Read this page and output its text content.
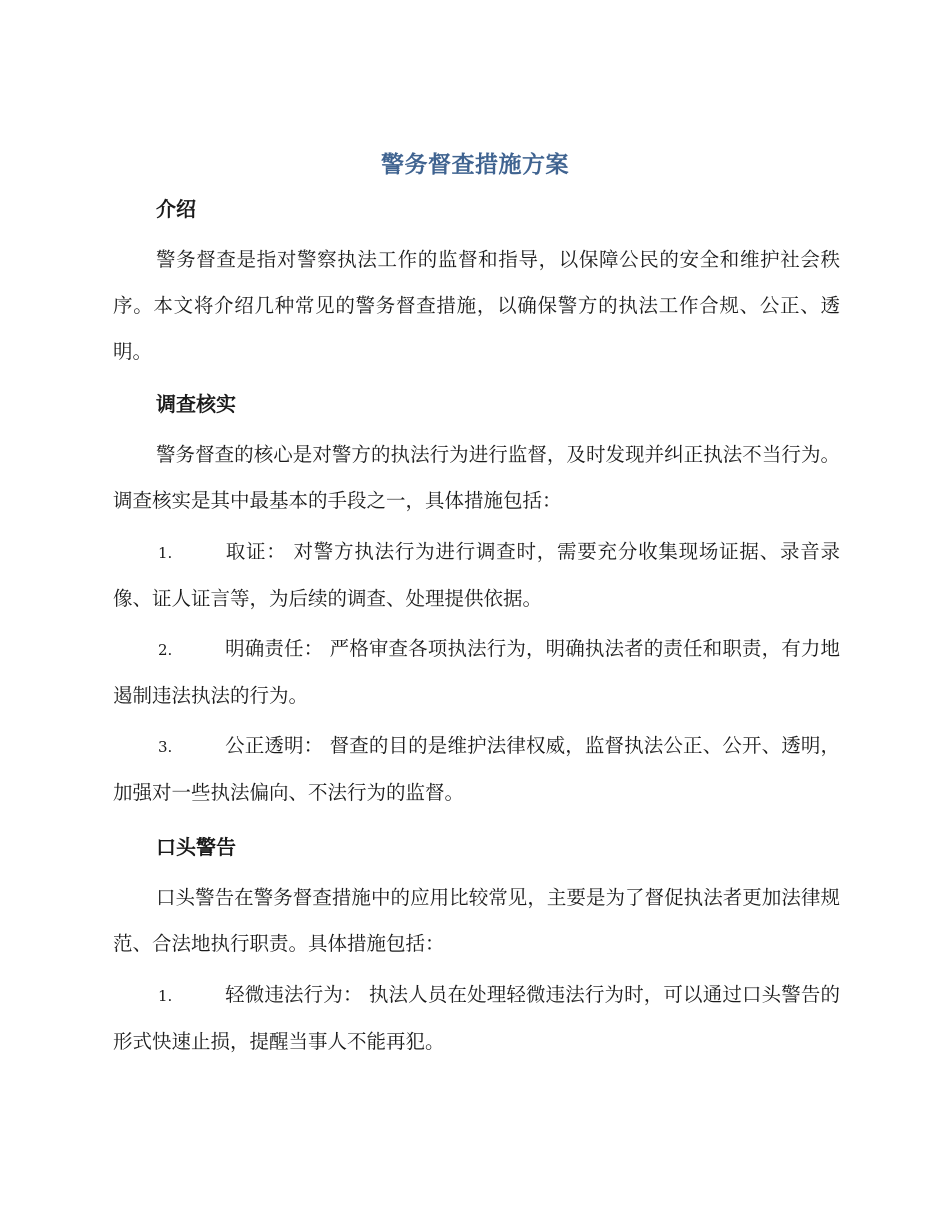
警务督查措施方案
介绍
警务督查是指对警察执法工作的监督和指导，以保障公民的安全和维护社会秩序。本文将介绍几种常见的警务督查措施，以确保警方的执法工作合规、公正、透明。
调查核实
警务督查的核心是对警方的执法行为进行监督，及时发现并纠正执法不当行为。调查核实是其中最基本的手段之一，具体措施包括：
1.	取证： 对警方执法行为进行调查时，需要充分收集现场证据、录音录像、证人证言等，为后续的调查、处理提供依据。
2.	明确责任： 严格审查各项执法行为，明确执法者的责任和职责，有力地遏制违法执法的行为。
3.	公正透明： 督查的目的是维护法律权威，监督执法公正、公开、透明，加强对一些执法偏向、不法行为的监督。
口头警告
口头警告在警务督查措施中的应用比较常见，主要是为了督促执法者更加法律规范、合法地执行职责。具体措施包括：
1.	轻微违法行为： 执法人员在处理轻微违法行为时，可以通过口头警告的形式快速止损，提醒当事人不能再犯。
